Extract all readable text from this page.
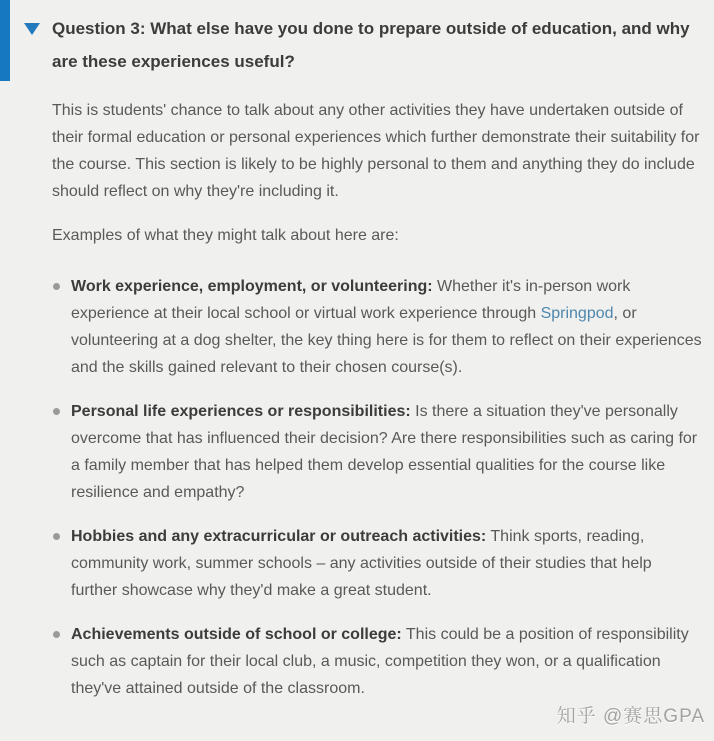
Question 3: What else have you done to prepare outside of education, and why are these experiences useful?

This is students' chance to talk about any other activities they have undertaken outside of their formal education or personal experiences which further demonstrate their suitability for the course. This section is likely to be highly personal to them and anything they do include should reflect on why they're including it.

Examples of what they might talk about here are:

Work experience, employment, or volunteering: Whether it's in-person work experience at their local school or virtual work experience through Springpod, or volunteering at a dog shelter, the key thing here is for them to reflect on their experiences and the skills gained relevant to their chosen course(s).
Personal life experiences or responsibilities: Is there a situation they've personally overcome that has influenced their decision? Are there responsibilities such as caring for a family member that has helped them develop essential qualities for the course like resilience and empathy?
Hobbies and any extracurricular or outreach activities: Think sports, reading, community work, summer schools – any activities outside of their studies that help further showcase why they'd make a great student.
Achievements outside of school or college: This could be a position of responsibility such as captain for their local club, a music, competition they won, or a qualification they've attained outside of the classroom.
知乎 @赛思GPA
